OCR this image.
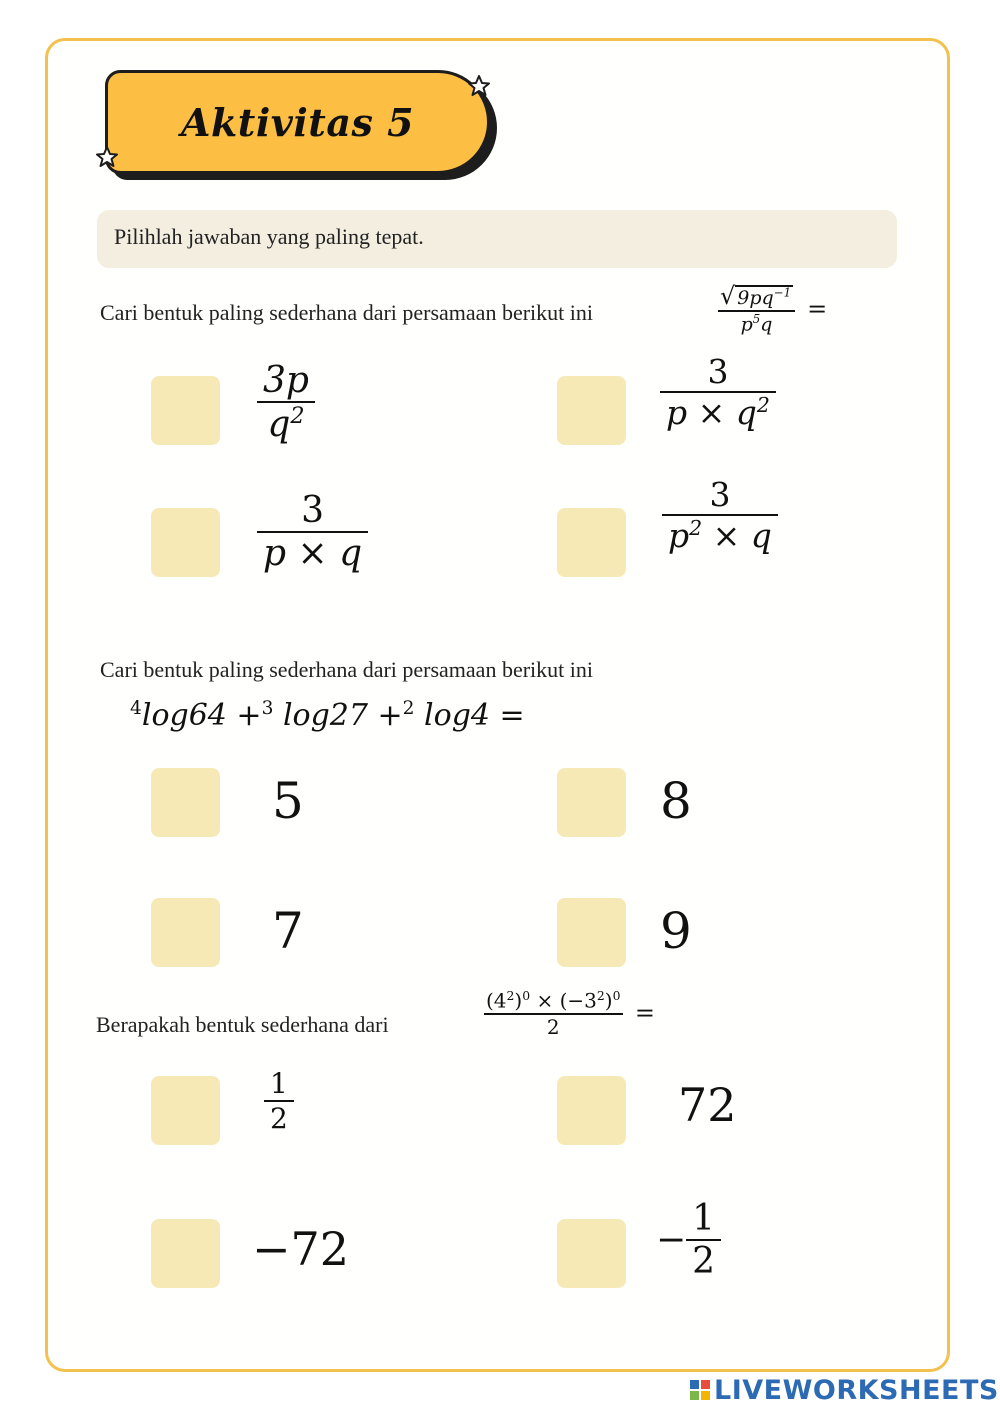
Aktivitas 5
Pilihlah jawaban yang paling tepat.
Cari bentuk paling sederhana dari persamaan berikut ini	$\frac{√ 9pq^{-1}}{p^5q}$ =
$\frac{3p}{q^2}$	$\frac{3}{p \times q^2}$
$\frac{3}{p \times q}$	$\frac{3}{p^2 \times q}$
Cari bentuk paling sederhana dari persamaan berikut ini
$^4$log64 +$^3$ log27 +$^2$ log4 =
5	8
7	9
Berapakah bentuk sederhana dari	$\frac{(4^2)^0 \times (-3^2)^0}{2}$ =
$\frac{1}{2}$	72
−72	− $\frac{1}{2}$
LIVEWORKSHEETS
